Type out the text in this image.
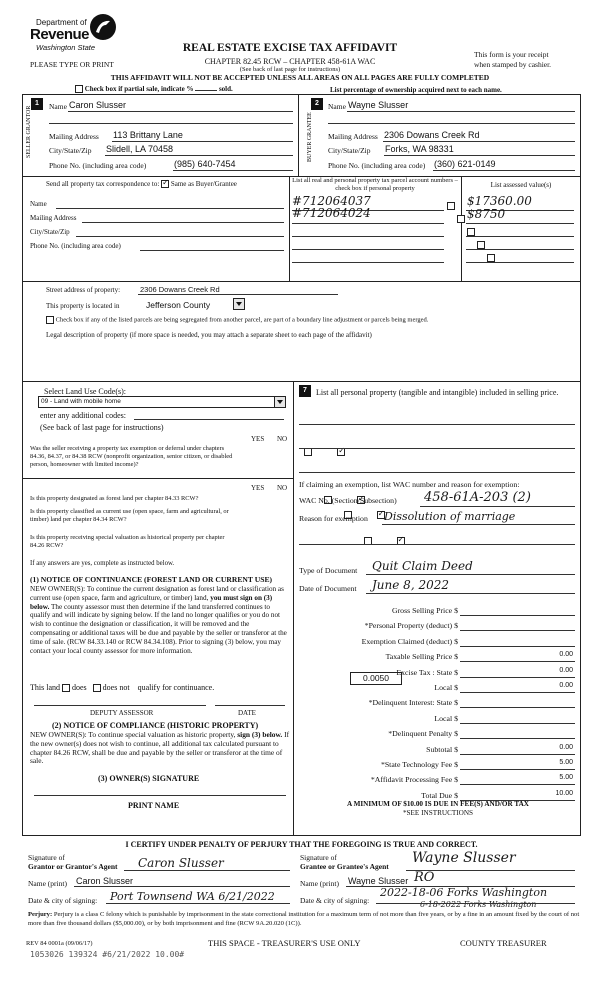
Department of
Revenue
Washington State
PLEASE TYPE OR PRINT
REAL ESTATE EXCISE TAX AFFIDAVIT
CHAPTER 82.45 RCW – CHAPTER 458-61A WAC
This form is your receipt
when stamped by cashier.
(See back of last page for instructions)
THIS AFFIDAVIT WILL NOT BE ACCEPTED UNLESS ALL AREAS ON ALL PAGES ARE FULLY COMPLETED
Check box if partial sale, indicate %	sold.	List percentage of ownership acquired next to each name.
1
SELLER GRANTOR Name Caron Slusser
Mailing Address 113 Brittany Lane
City/State/Zip Slidell, LA 70458
Phone No. (including area code)	(985) 640-7454
2
BUYER GRANTEE
Name Wayne Slusser
Mailing Address 2306 Dowans Creek Rd
City/State/Zip Forks, WA 98331
Phone No. (including area code) (360) 621-0149
Send all property tax correspondence to: ✓ Same as Buyer/Grantee
Name
Mailing Address
City/State/Zip
Phone No. (including area code)
List all real and personal property tax parcel account numbers – check box if personal property	List assessed value(s)
#712064037
	$17360.00
#712064024
	$8750

Street address of property:	2306 Dowans Creek Rd
This property is located in	Jefferson County
Check box if any of the listed parcels are being segregated from another parcel, are part of a boundary line adjustment or parcels being merged.
Legal description of property (if more space is needed, you may attach a separate sheet to each page of the affidavit)
Select Land Use Code(s):
09 - Land with mobile home
enter any additional codes:
(See back of last page for instructions)
YES NO
Was the seller receiving a property tax exemption or deferral under chapters 84.36, 84.37, or 84.38 RCW (nonprofit organization, senior citizen, or disabled person, homeowner with limited income)?
✓
YES NO
Is this property designated as forest land per chapter 84.33 RCW?
✓
Is this property classified as current use (open space, farm and agricultural, or timber) land per chapter 84.34 RCW?
✓
Is this property receiving special valuation as historical property per chapter 84.26 RCW?
✓
If any answers are yes, complete as instructed below.
(1) NOTICE OF CONTINUANCE (FOREST LAND OR CURRENT USE)
NEW OWNER(S): To continue the current designation as forest land or classification as current use (open space, farm and agriculture, or timber) land, you must sign on (3) below. The county assessor must then determine if the land transferred continues to qualify and will indicate by signing below. If the land no longer qualifies or you do not wish to continue the designation or classification, it will be removed and the compensating or additional taxes will be due and payable by the seller or transferor at the time of sale. (RCW 84.33.140 or RCW 84.34.108). Prior to signing (3) below, you may contact your local county assessor for more information.
This land does does not qualify for continuance.
DEPUTY ASSESSOR	DATE
(2) NOTICE OF COMPLIANCE (HISTORIC PROPERTY)
NEW OWNER(S): To continue special valuation as historic property, sign (3) below. If the new owner(s) does not wish to continue, all additional tax calculated pursuant to chapter 84.26 RCW, shall be due and payable by the seller or transferor at the time of sale.
(3) OWNER(S) SIGNATURE
PRINT NAME
7	List all personal property (tangible and intangible) included in selling price.
If claiming an exemption, list WAC number and reason for exemption:
WAC No. (Section/Subsection) 458-61A-203 (2)
Reason for exemption Dissolution of marriage
Type of Document Quit Claim Deed
Date of Document June 8, 2022
Gross Selling Price $
*Personal Property (deduct) $
Exemption Claimed (deduct) $
Taxable Selling Price $	0.00
Excise Tax : State $	0.00
Local $	0.00
*Delinquent Interest: State $
Local $
*Delinquent Penalty $
Subtotal $	0.00
*State Technology Fee $	5.00
*Affidavit Processing Fee $	5.00
Total Due $	10.00
0.0050
A MINIMUM OF $10.00 IS DUE IN FEE(S) AND/OR TAX
*SEE INSTRUCTIONS
I CERTIFY UNDER PENALTY OF PERJURY THAT THE FOREGOING IS TRUE AND CORRECT.
Signature of
Grantor or Grantor's Agent Caron Slusser
Name (print) Caron Slusser
Date & city of signing: Port Townsend WA 6/21/2022
Signature of
Grantee or Grantee's Agent
Wayne Slusser
Name (print) Wayne Slusser RO
Date & city of signing:
2022-18-06 Forks Washington
6-18-2022 Forks Washington
Perjury: Perjury is a class C felony which is punishable by imprisonment in the state correctional institution for a maximum term of not more than five years, or by a fine in an amount fixed by the court of not more than five thousand dollars ($5,000.00), or by both imprisonment and fine (RCW 9A.20.020 (1C)).
REV 84 0001a (09/06/17)	THIS SPACE - TREASURER'S USE ONLY	COUNTY TREASURER
1053026 139324 #6/21/2022 10.00#
